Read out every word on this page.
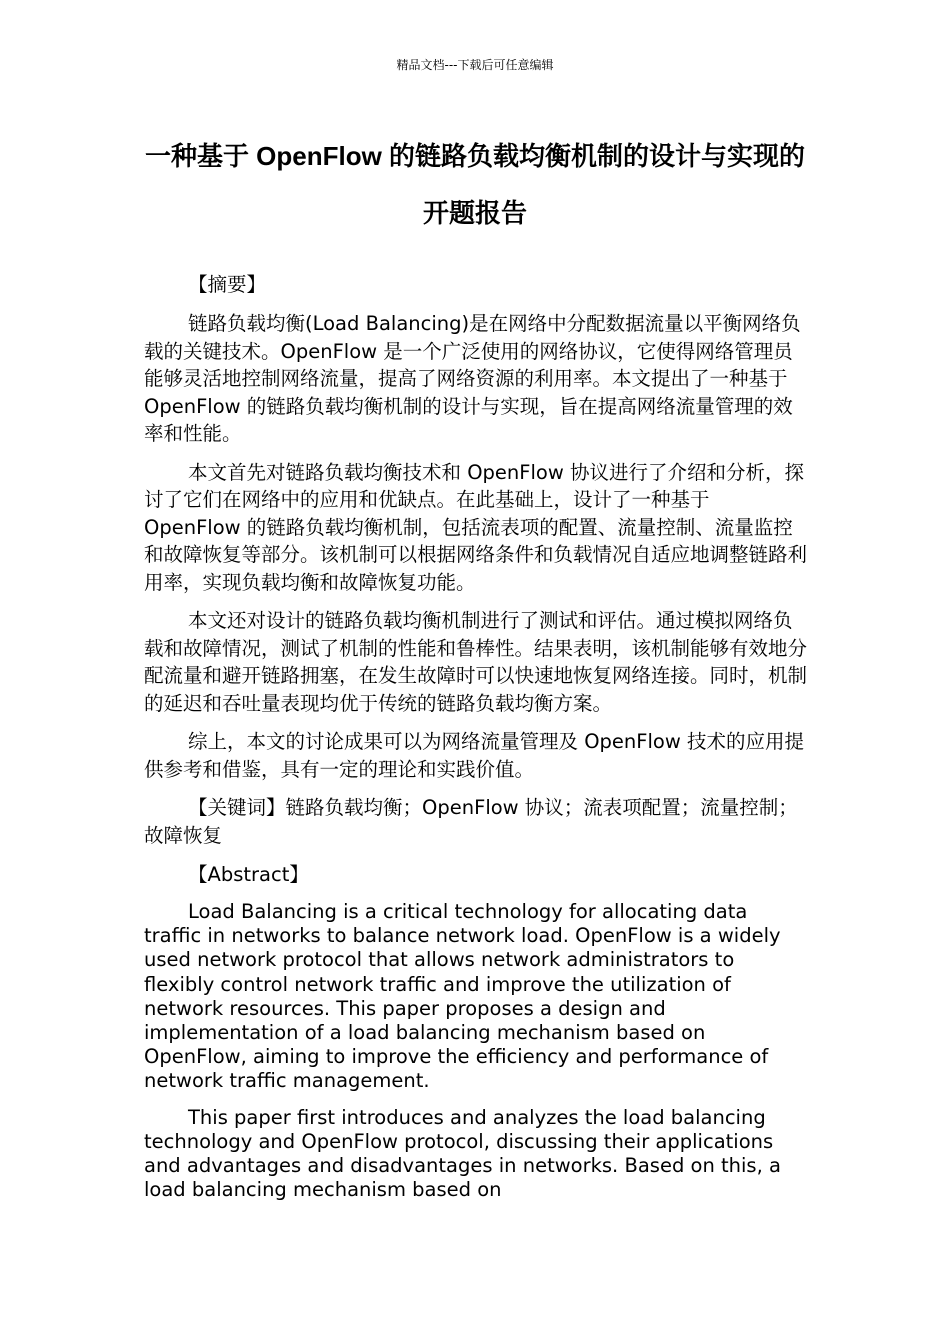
精品文档---下载后可任意编辑
一种基于 OpenFlow 的链路负载均衡机制的设计与实现的开题报告

【摘要】

链路负载均衡(Load Balancing)是在网络中分配数据流量以平衡网络负载的关键技术。OpenFlow 是一个广泛使用的网络协议，它使得网络管理员能够灵活地控制网络流量，提高了网络资源的利用率。本文提出了一种基于 OpenFlow 的链路负载均衡机制的设计与实现，旨在提高网络流量管理的效率和性能。

本文首先对链路负载均衡技术和 OpenFlow 协议进行了介绍和分析，探讨了它们在网络中的应用和优缺点。在此基础上，设计了一种基于 OpenFlow 的链路负载均衡机制，包括流表项的配置、流量控制、流量监控和故障恢复等部分。该机制可以根据网络条件和负载情况自适应地调整链路利用率，实现负载均衡和故障恢复功能。

本文还对设计的链路负载均衡机制进行了测试和评估。通过模拟网络负载和故障情况，测试了机制的性能和鲁棒性。结果表明，该机制能够有效地分配流量和避开链路拥塞，在发生故障时可以快速地恢复网络连接。同时，机制的延迟和吞吐量表现均优于传统的链路负载均衡方案。

综上，本文的讨论成果可以为网络流量管理及 OpenFlow 技术的应用提供参考和借鉴，具有一定的理论和实践价值。

【关键词】链路负载均衡；OpenFlow 协议；流表项配置；流量控制；故障恢复

【Abstract】

Load Balancing is a critical technology for allocating data traffic in networks to balance network load. OpenFlow is a widely used network protocol that allows network administrators to flexibly control network traffic and improve the utilization of network resources. This paper proposes a design and implementation of a load balancing mechanism based on OpenFlow, aiming to improve the efficiency and performance of network traffic management.

This paper first introduces and analyzes the load balancing technology and OpenFlow protocol, discussing their applications and advantages and disadvantages in networks. Based on this, a load balancing mechanism based on
